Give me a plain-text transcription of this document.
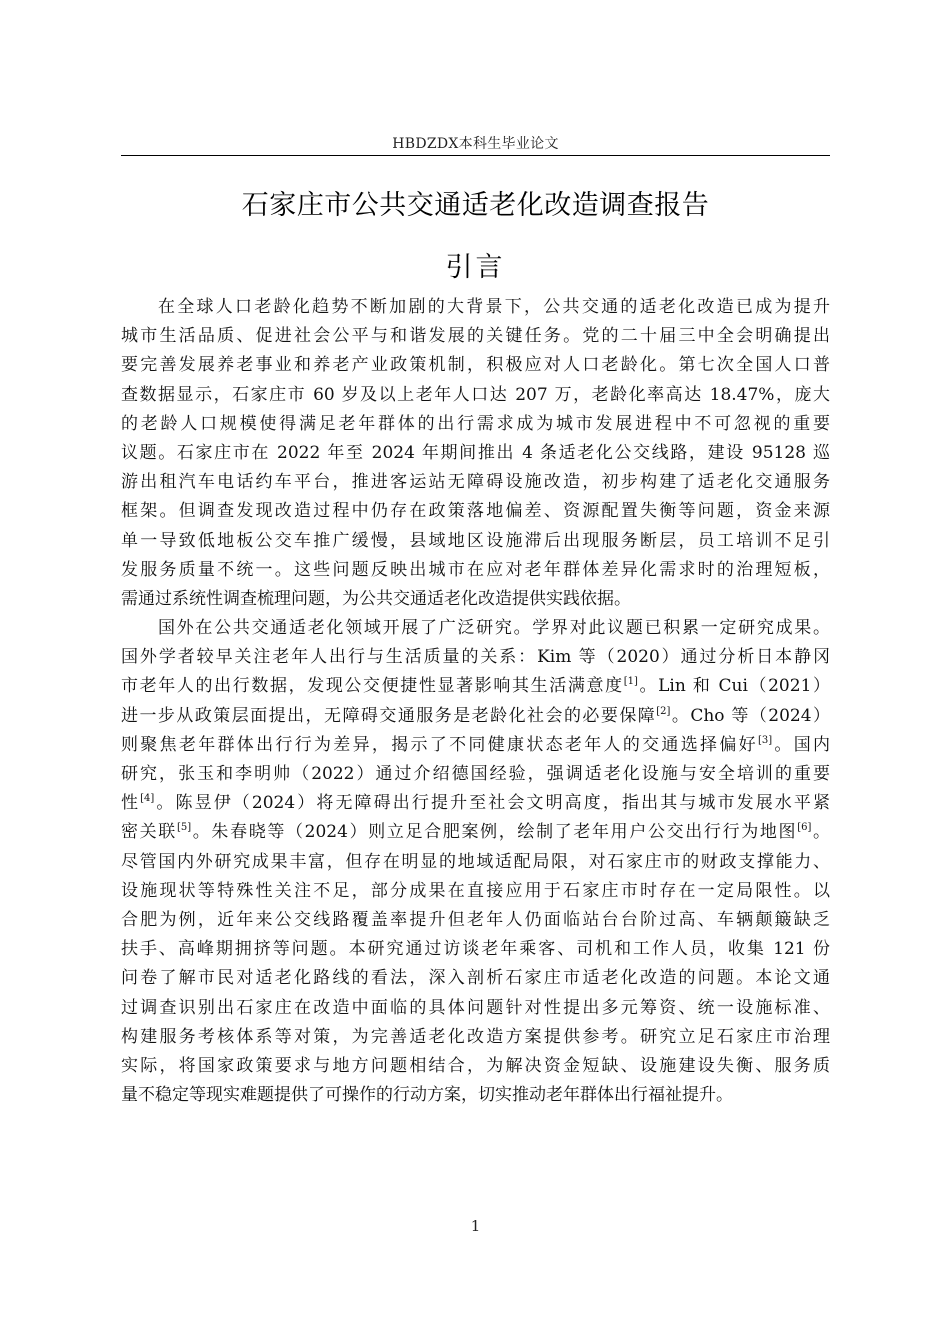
HBDZDX本科生毕业论文
石家庄市公共交通适老化改造调查报告
引言
在全球人口老龄化趋势不断加剧的大背景下，公共交通的适老化改造已成为提升
城市生活品质、促进社会公平与和谐发展的关键任务。党的二十届三中全会明确提出
要完善发展养老事业和养老产业政策机制，积极应对人口老龄化。第七次全国人口普
查数据显示，石家庄市 60 岁及以上老年人口达 207 万，老龄化率高达 18.47%，庞大
的老龄人口规模使得满足老年群体的出行需求成为城市发展进程中不可忽视的重要
议题。石家庄市在 2022 年至 2024 年期间推出 4 条适老化公交线路，建设 95128 巡
游出租汽车电话约车平台，推进客运站无障碍设施改造，初步构建了适老化交通服务
框架。但调查发现改造过程中仍存在政策落地偏差、资源配置失衡等问题，资金来源
单一导致低地板公交车推广缓慢，县域地区设施滞后出现服务断层，员工培训不足引
发服务质量不统一。这些问题反映出城市在应对老年群体差异化需求时的治理短板，
需通过系统性调查梳理问题，为公共交通适老化改造提供实践依据。
国外在公共交通适老化领域开展了广泛研究。学界对此议题已积累一定研究成果。
国外学者较早关注老年人出行与生活质量的关系：Kim 等（2020）通过分析日本静冈
市老年人的出行数据，发现公交便捷性显著影响其生活满意度[1]。Lin 和 Cui（2021）
进一步从政策层面提出，无障碍交通服务是老龄化社会的必要保障[2]。Cho 等（2024）
则聚焦老年群体出行行为差异，揭示了不同健康状态老年人的交通选择偏好[3]。国内
研究，张玉和李明帅（2022）通过介绍德国经验，强调适老化设施与安全培训的重要
性[4]。陈昱伊（2024）将无障碍出行提升至社会文明高度，指出其与城市发展水平紧
密关联[5]。朱春晓等（2024）则立足合肥案例，绘制了老年用户公交出行行为地图[6]。
尽管国内外研究成果丰富，但存在明显的地域适配局限，对石家庄市的财政支撑能力、
设施现状等特殊性关注不足，部分成果在直接应用于石家庄市时存在一定局限性。以
合肥为例，近年来公交线路覆盖率提升但老年人仍面临站台台阶过高、车辆颠簸缺乏
扶手、高峰期拥挤等问题。本研究通过访谈老年乘客、司机和工作人员，收集 121 份
问卷了解市民对适老化路线的看法，深入剖析石家庄市适老化改造的问题。本论文通
过调查识别出石家庄在改造中面临的具体问题针对性提出多元筹资、统一设施标准、
构建服务考核体系等对策，为完善适老化改造方案提供参考。研究立足石家庄市治理
实际，将国家政策要求与地方问题相结合，为解决资金短缺、设施建设失衡、服务质
量不稳定等现实难题提供了可操作的行动方案，切实推动老年群体出行福祉提升。
1
